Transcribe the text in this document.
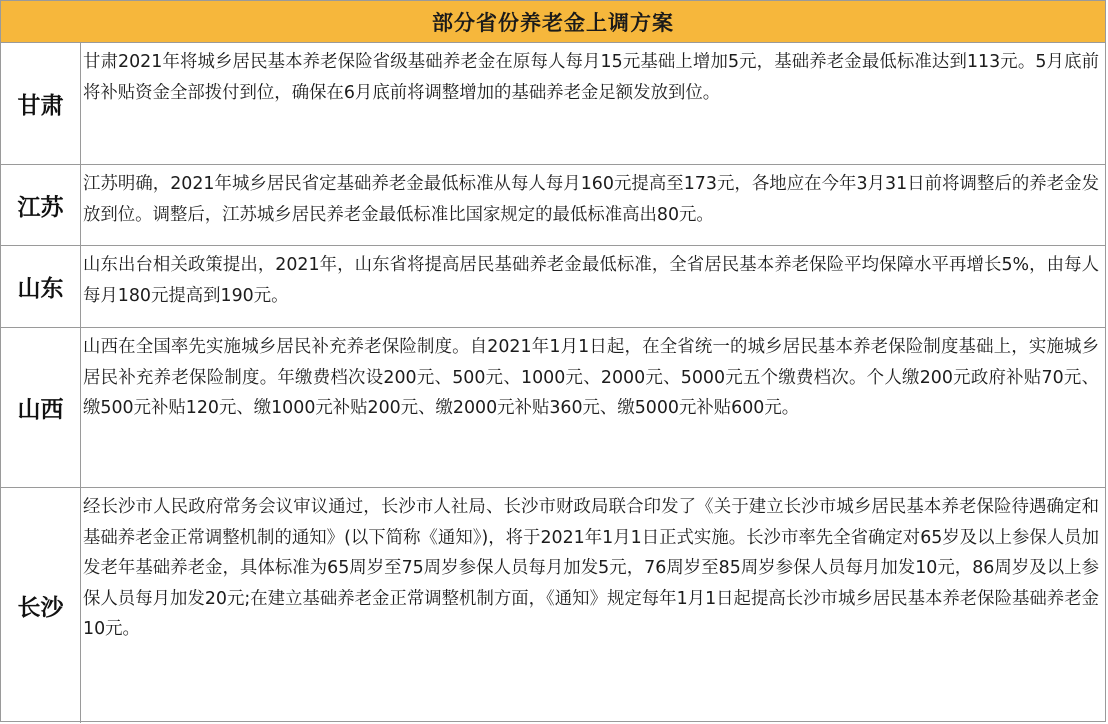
部分省份养老金上调方案
甘肃
甘肃2021年将城乡居民基本养老保险省级基础养老金在原每人每月15元基础上增加5元，基础养老金最低标准达到113元。5月底前将补贴资金全部拨付到位，确保在6月底前将调整增加的基础养老金足额发放到位。
江苏
江苏明确，2021年城乡居民省定基础养老金最低标准从每人每月160元提高至173元，各地应在今年3月31日前将调整后的养老金发放到位。调整后，江苏城乡居民养老金最低标准比国家规定的最低标准高出80元。
山东
山东出台相关政策提出，2021年，山东省将提高居民基础养老金最低标准，全省居民基本养老保险平均保障水平再增长5%，由每人每月180元提高到190元。
山西
山西在全国率先实施城乡居民补充养老保险制度。自2021年1月1日起，在全省统一的城乡居民基本养老保险制度基础上，实施城乡居民补充养老保险制度。年缴费档次设200元、500元、1000元、2000元、5000元五个缴费档次。个人缴200元政府补贴70元、缴500元补贴120元、缴1000元补贴200元、缴2000元补贴360元、缴5000元补贴600元。
长沙
经长沙市人民政府常务会议审议通过，长沙市人社局、长沙市财政局联合印发了《关于建立长沙市城乡居民基本养老保险待遇确定和基础养老金正常调整机制的通知》(以下简称《通知》)，将于2021年1月1日正式实施。长沙市率先全省确定对65岁及以上参保人员加发老年基础养老金，具体标准为65周岁至75周岁参保人员每月加发5元，76周岁至85周岁参保人员每月加发10元，86周岁及以上参保人员每月加发20元;在建立基础养老金正常调整机制方面，《通知》规定每年1月1日起提高长沙市城乡居民基本养老保险基础养老金10元。
